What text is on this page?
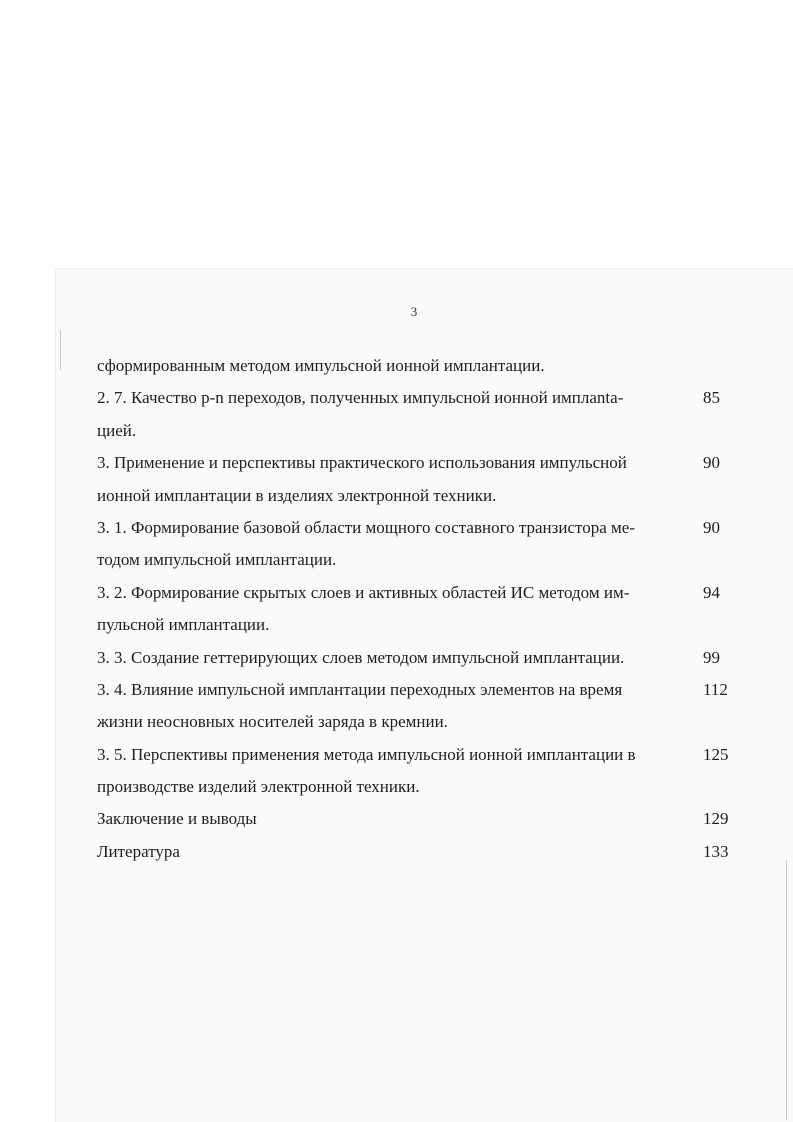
3
сформированным методом импульсной ионной имплантации.
2. 7. Качество p-n переходов, полученных импульсной ионной имплanta-	85
цией.
3. Применение и перспективы практического использования импульсной	90
ионной имплантации в изделиях электронной техники.
3. 1. Формирование базовой области мощного составного транзистора ме-	90
тодом импульсной имплантации.
3. 2. Формирование скрытых слоев и активных областей ИС методом им-	94
пульсной имплантации.
3. 3. Создание геттерирующих слоев методом импульсной имплантации.	99
3. 4. Влияние импульсной имплантации переходных элементов на время	112
жизни неосновных носителей заряда в кремнии.
3. 5. Перспективы применения метода импульсной ионной имплантации в	125
производстве изделий электронной техники.
Заключение и выводы	129
Литература	133
